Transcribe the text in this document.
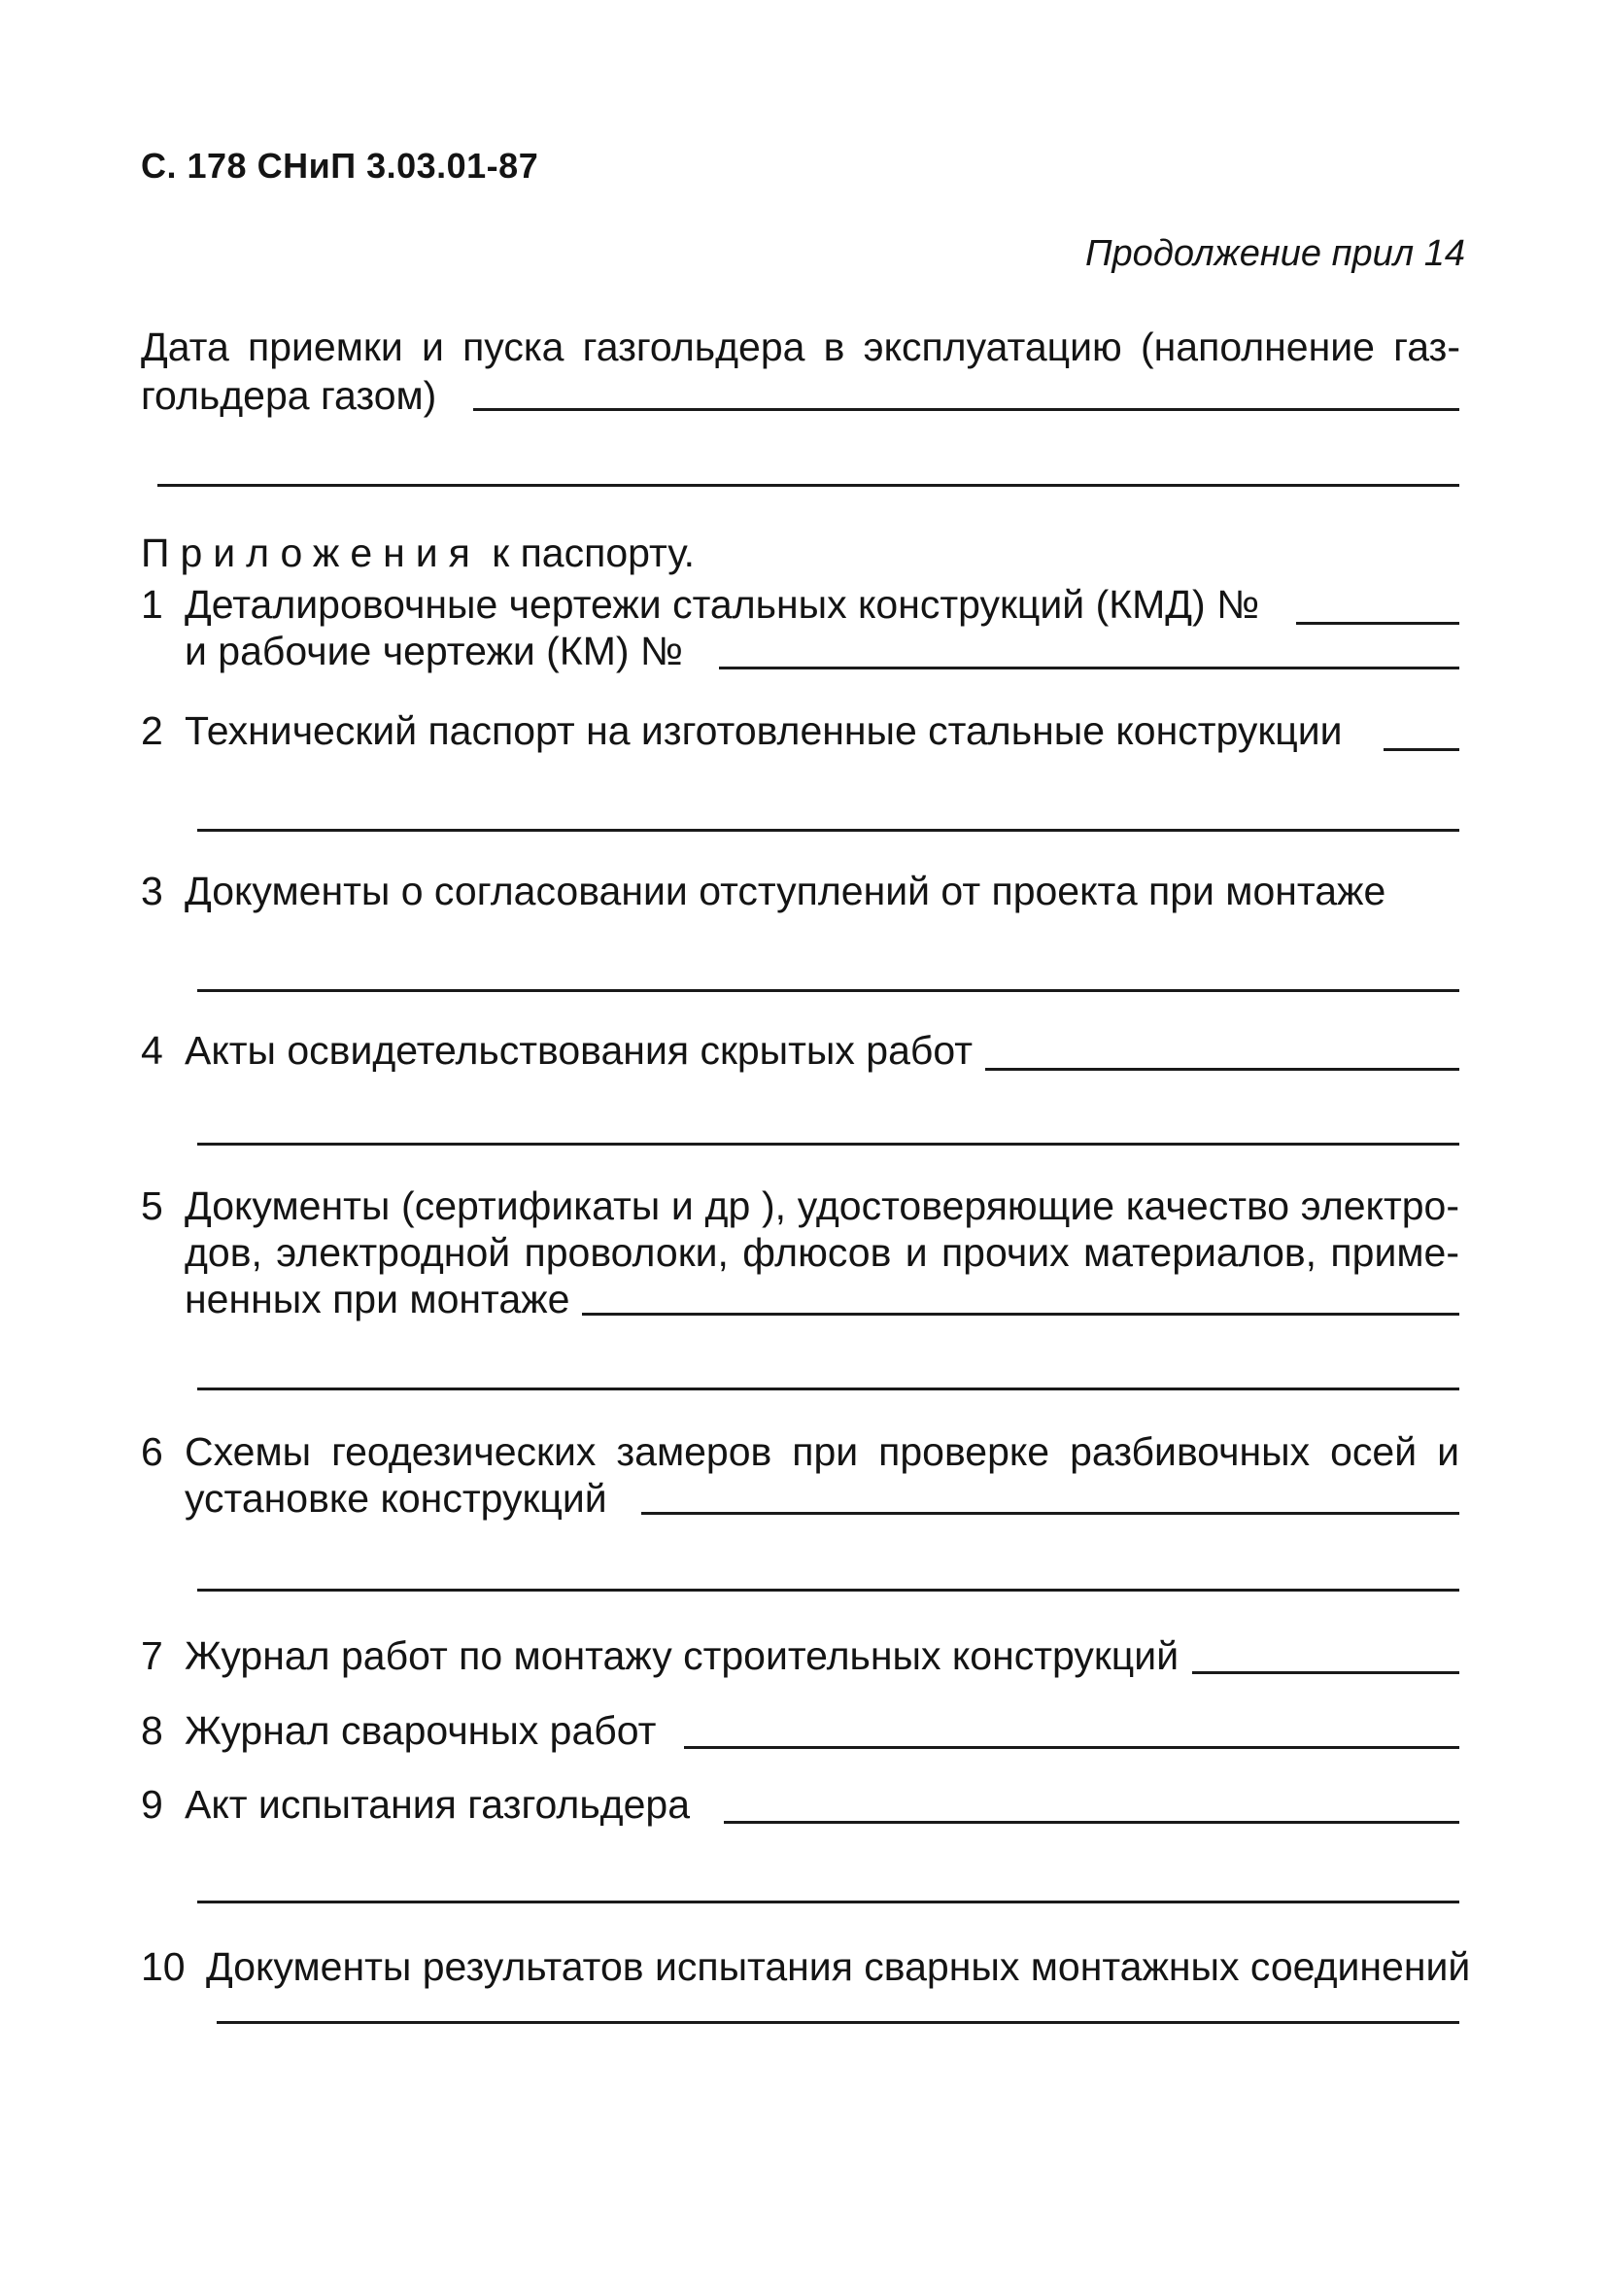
С. 178 СНиП 3.03.01-87
Продолжение прил 14
Дата приемки и пуска газгольдера в эксплуатацию (наполнение газ-
гольдера газом)
Приложения к паспорту.
1 Деталировочные чертежи стальных конструкций (КМД) №
и рабочие чертежи (КМ) №
2 Технический паспорт на изготовленные стальные конструкции
3 Документы о согласовании отступлений от проекта при монтаже
4 Акты освидетельствования скрытых работ
5 Документы (сертификаты и др ), удостоверяющие качество электро-
дов, электродной проволоки, флюсов и прочих материалов, приме-
ненных при монтаже
6 Схемы геодезических замеров при проверке разбивочных осей и
установке конструкций
7 Журнал работ по монтажу строительных конструкций
8 Журнал сварочных работ
9 Акт испытания газгольдера
10 Документы результатов испытания сварных монтажных соединений
